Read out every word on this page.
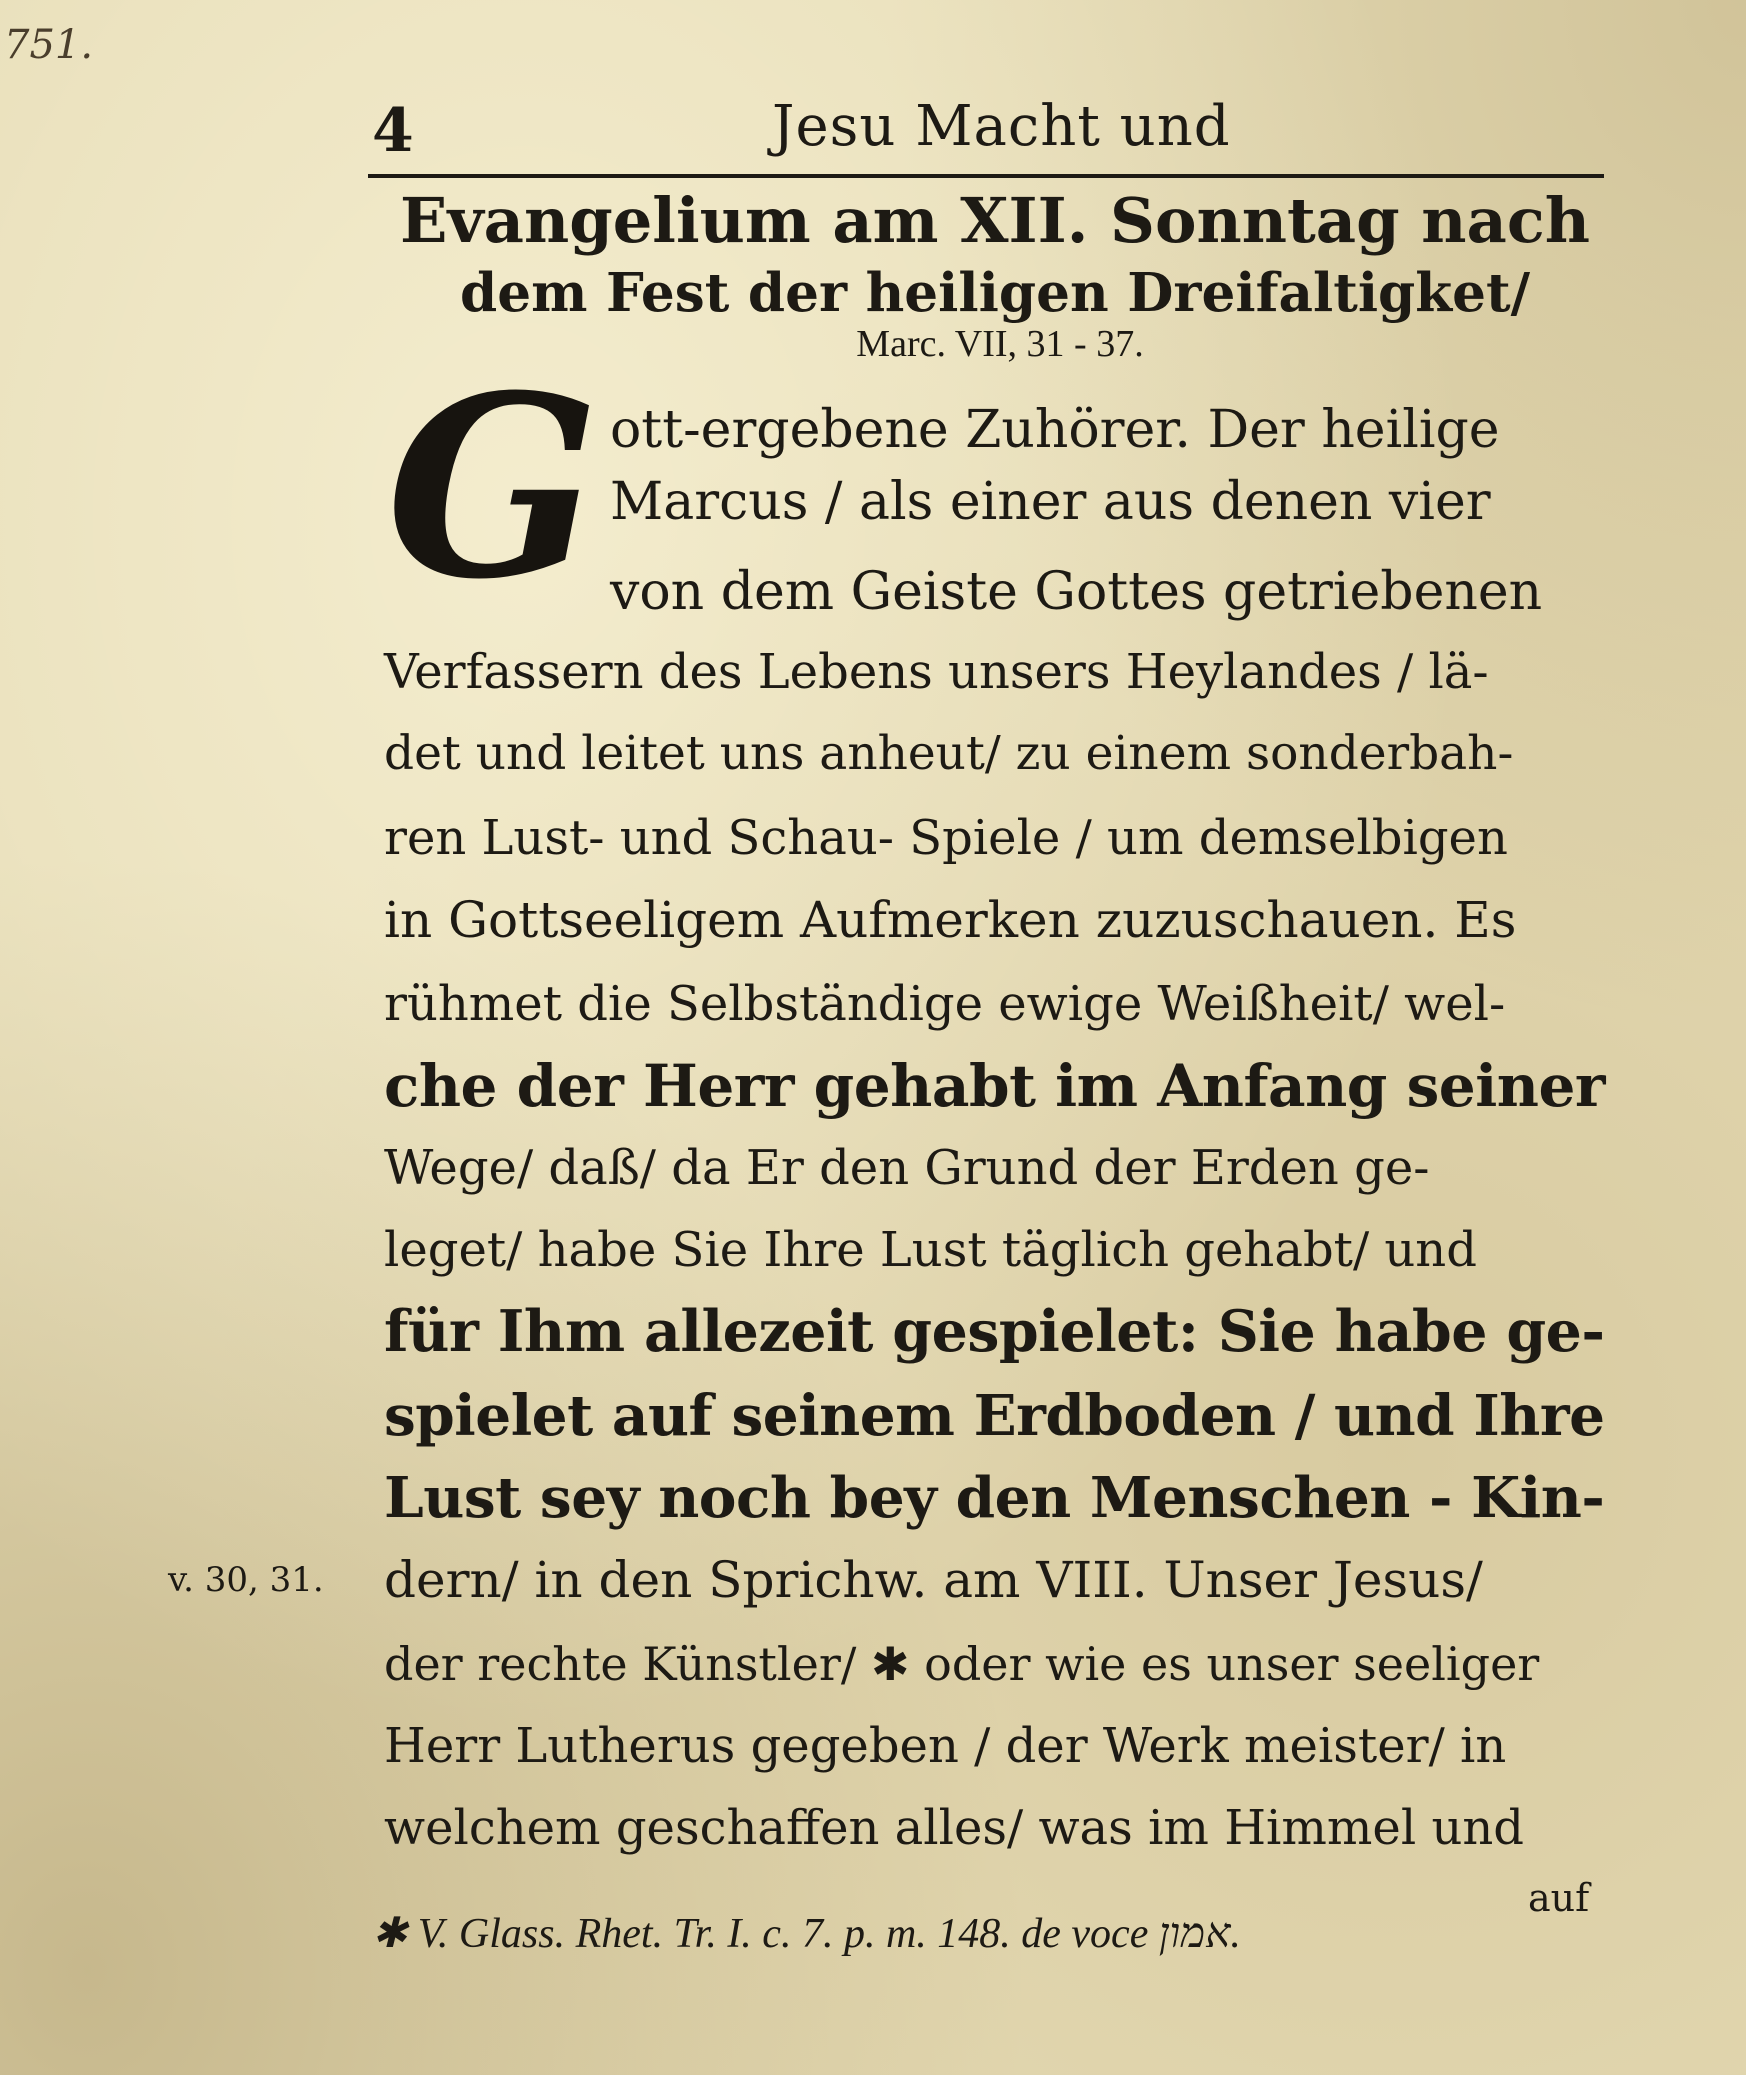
751.
4	Jesu Macht und
Evangelium am XII. Sonntag nach
dem Fest der heiligen Dreifaltigket/
Marc. VII, 31 - 37.
G ott-ergebene Zuhörer. Der heilige
Marcus / als einer aus denen vier
von dem Geiste Gottes getriebenen
Verfassern des Lebens unsers Heylandes / lä-
det und leitet uns anheut/ zu einem sonderbah-
ren Lust- und Schau- Spiele / um demselbigen
in Gottseeligem Aufmerken zuzuschauen. Es
rühmet die Selbständige ewige Weißheit/ wel-
che der Herr gehabt im Anfang seiner
Wege/ daß/ da Er den Grund der Erden ge-
leget/ habe Sie Ihre Lust täglich gehabt/ und
für Ihm allezeit gespielet: Sie habe ge-
spielet auf seinem Erdboden / und Ihre
Lust sey noch bey den Menschen - Kin-
dern/ in den Sprichw. am VIII. Unser Jesus/
der rechte Künstler/ ✱ oder wie es unser seeliger
Herr Lutherus gegeben / der Werk meister/ in
welchem geschaffen alles/ was im Himmel und
v. 30, 31.
auf
✱ V. Glass. Rhet. Tr. I. c. 7. p. m. 148. de voce אמון.
